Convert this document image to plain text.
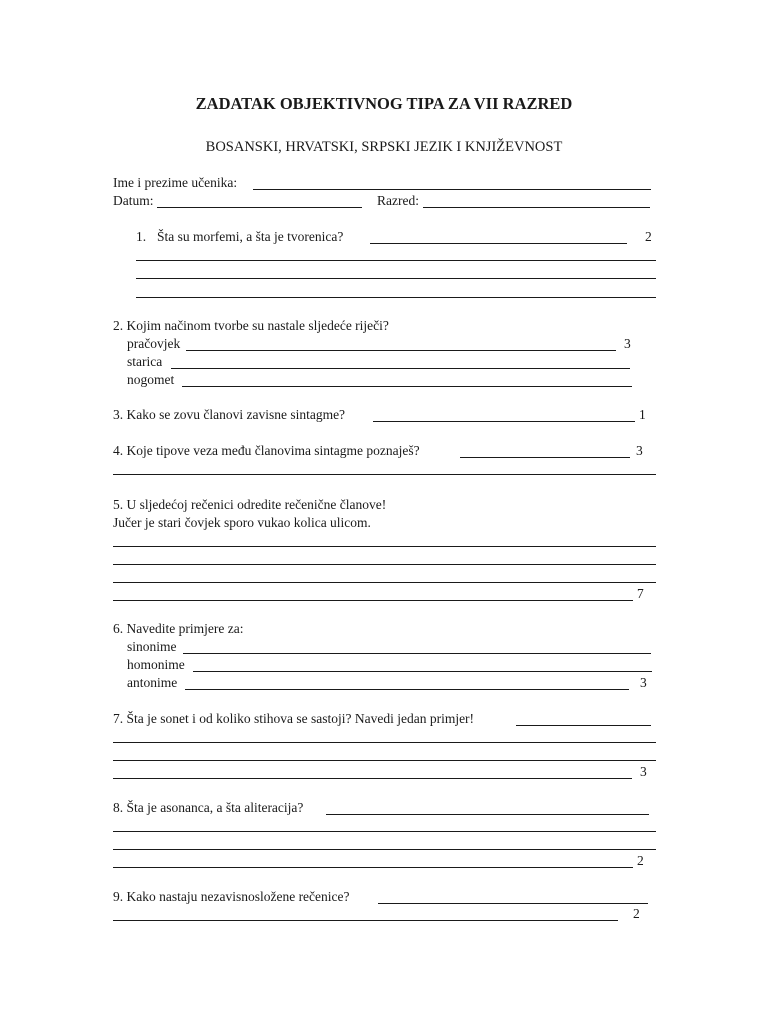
ZADATAK OBJEKTIVNOG TIPA ZA VII RAZRED
BOSANSKI, HRVATSKI, SRPSKI JEZIK I KNJIŽEVNOST
Ime i prezime učenika:
Datum:	Razred:
1. Šta su morfemi, a šta je tvorenica?	2
2. Kojim načinom tvorbe su nastale sljedeće riječi?
pračovjek	3
starica
nogomet
3. Kako se zovu članovi zavisne sintagme?	1
4. Koje tipove veza među članovima sintagme poznaješ?	3
5. U sljedećoj rečenici odredite rečenične članove!
Jučer je stari čovjek sporo vukao kolica ulicom.
7
6. Navedite primjere za:
sinonime
homonime
antonime	3
7. Šta je sonet i od koliko stihova se sastoji? Navedi jedan primjer!
3
8. Šta je asonanca, a šta aliteracija?
2
9. Kako nastaju nezavisnosložene rečenice?
2
